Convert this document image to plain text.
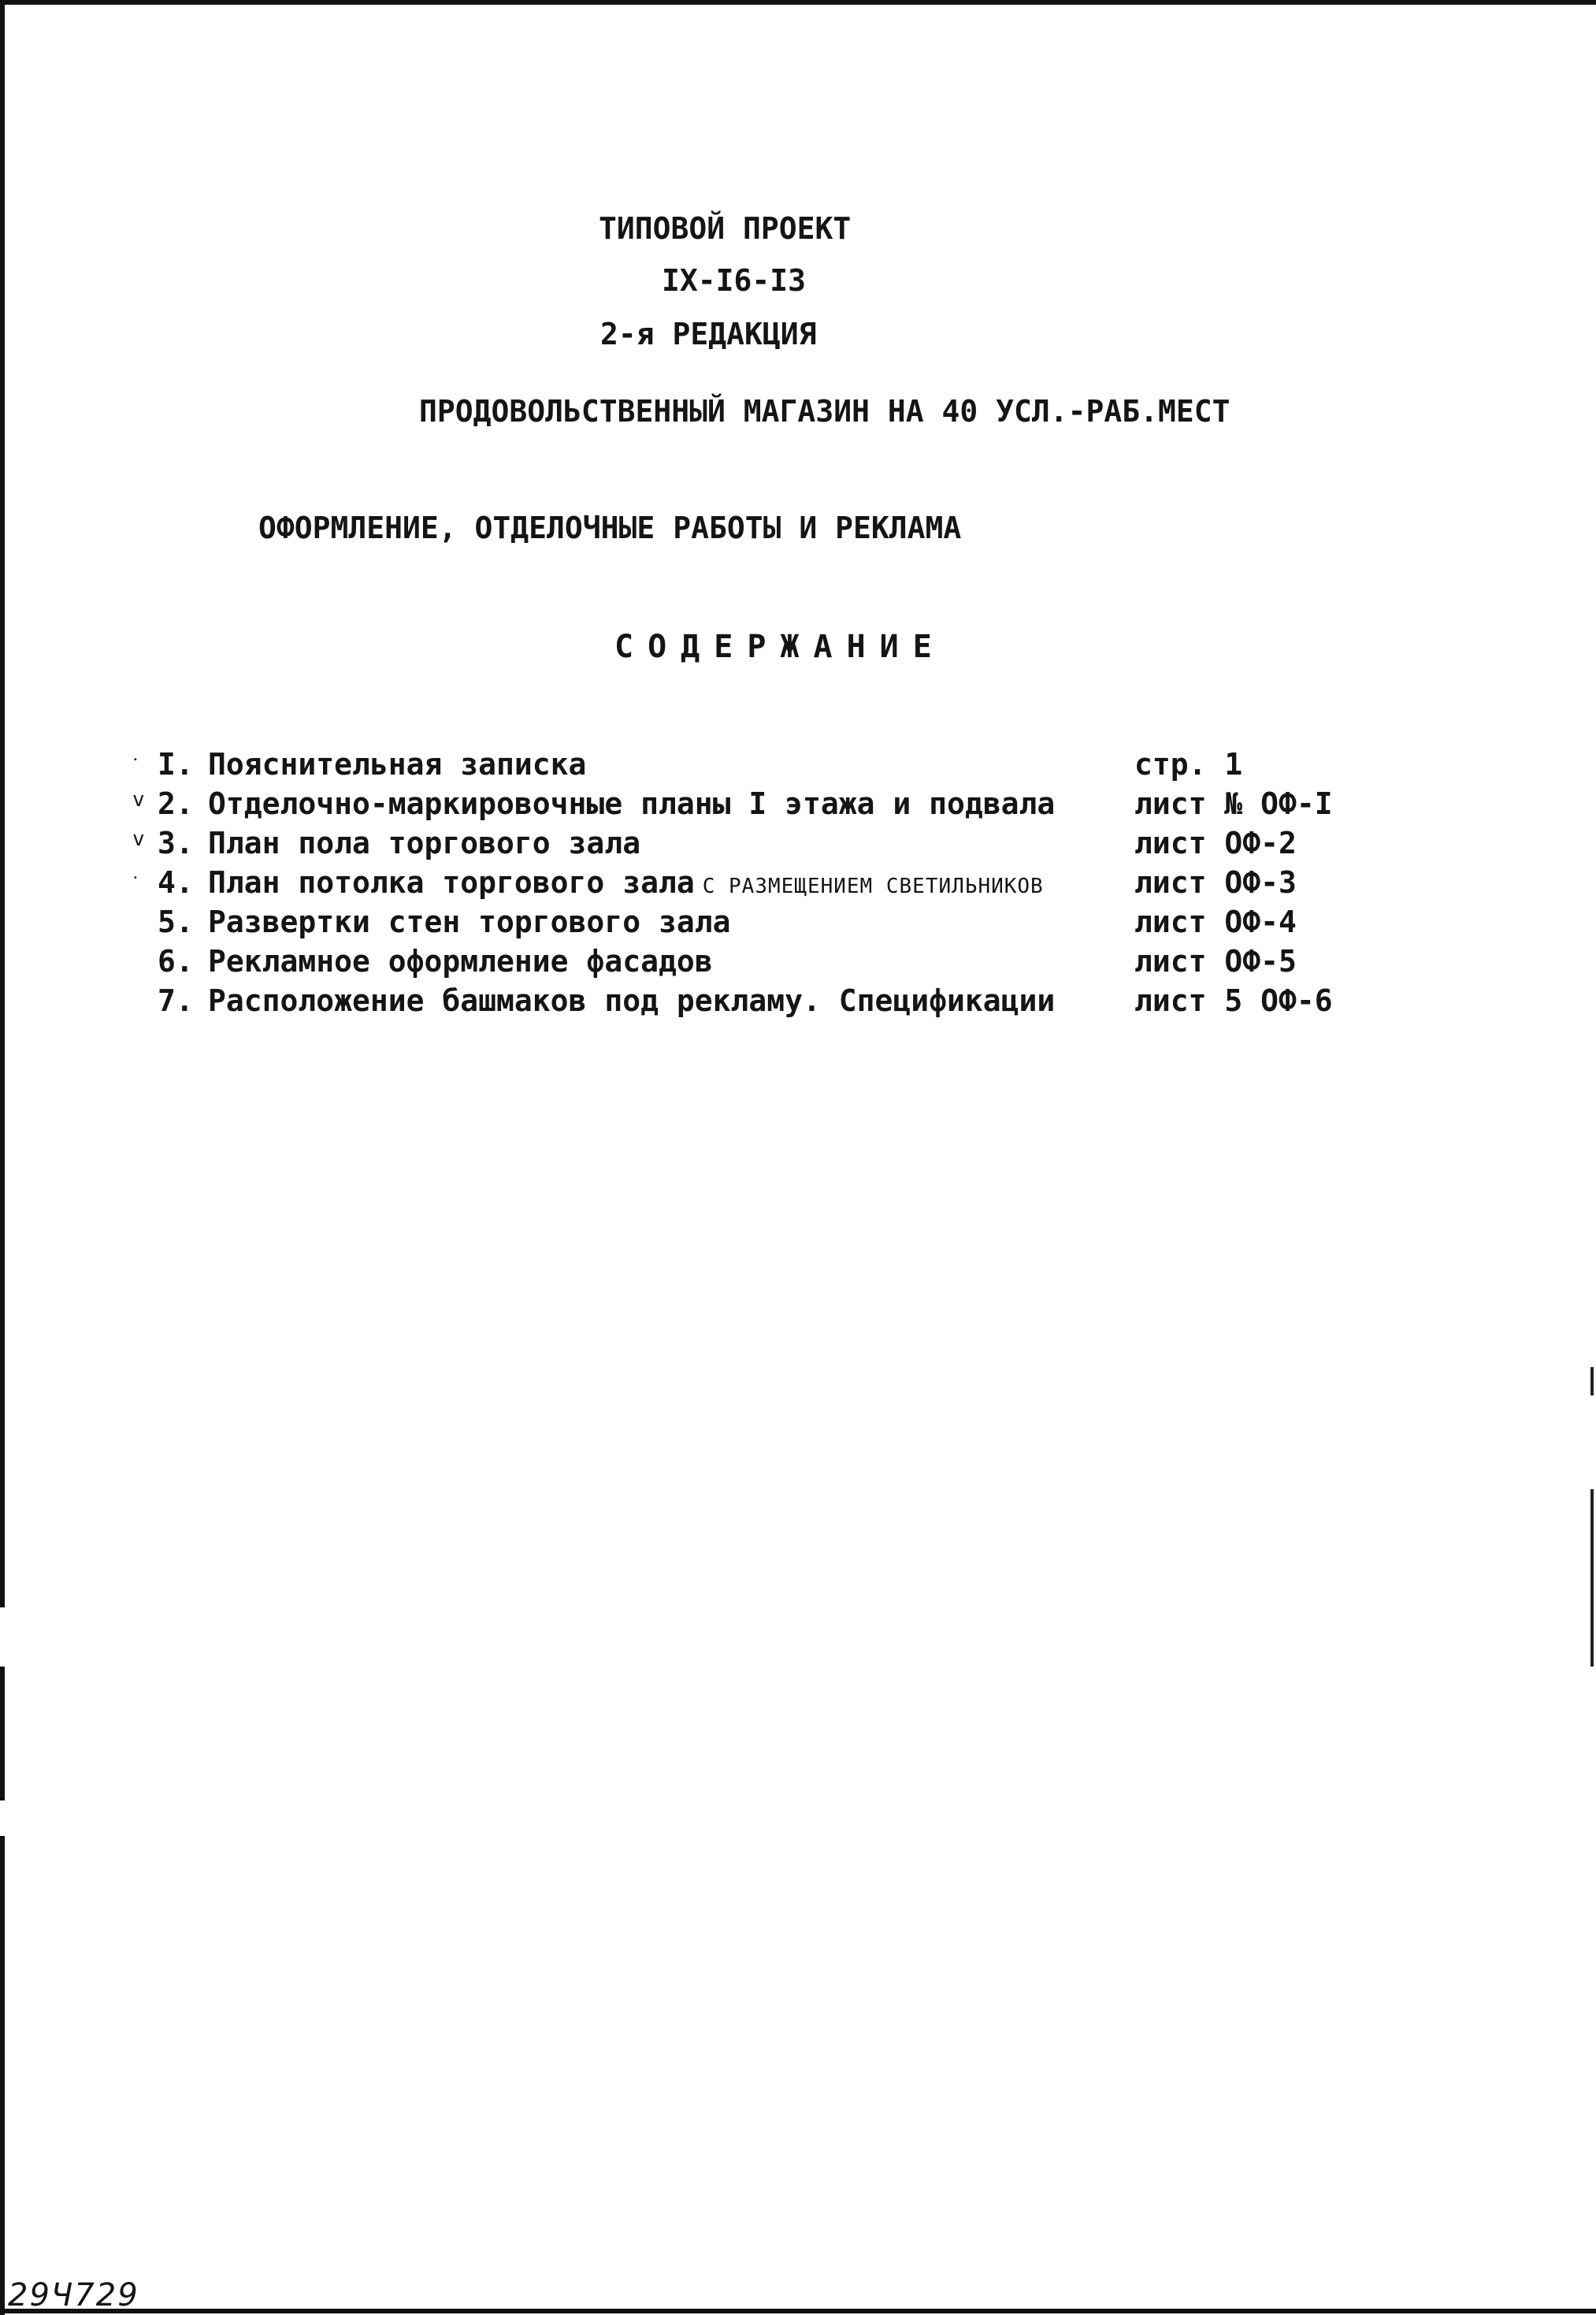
ТИПОВОЙ ПРОЕКТ
IX-I6-I3
2-я РЕДАКЦИЯ
ПРОДОВОЛЬСТВЕННЫЙ МАГАЗИН НА 40 УСЛ.-РАБ.МЕСТ
ОФОРМЛЕНИЕ, ОТДЕЛОЧНЫЕ РАБОТЫ И РЕКЛАМА
СОДЕРЖАНИЕ
ᐧ I. Пояснительная записка	стр. 1
v 2. Отделочно-маркировочные планы I этажа и подвала	лист № ОФ-I
v 3. План пола торгового зала	лист ОФ-2
ᐧ 4. План потолка торгового зала С РАЗМЕЩЕНИЕМ СВЕТИЛЬНИКОВ	лист ОФ-3
5. Развертки стен торгового зала	лист ОФ-4
6. Рекламное оформление фасадов	лист ОФ-5
7. Расположение башмаков под рекламу. Спецификации	лист 5 ОФ-6
29Ч729
